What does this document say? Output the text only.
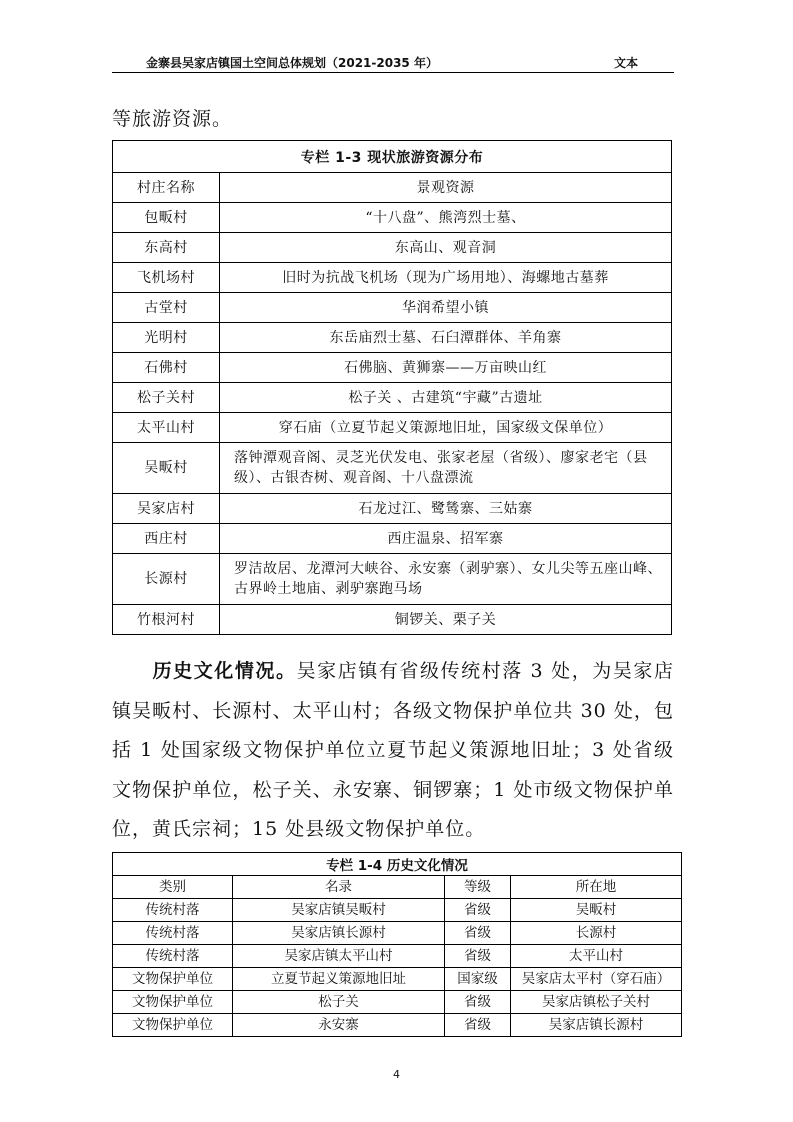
金寨县吴家店镇国土空间总体规划（2021-2035 年）	文本
等旅游资源。
专栏 1-3 现状旅游资源分布	
村庄名称	景观资源
包畈村	“十八盘”、熊湾烈士墓、
东高村	东高山、观音洞
飞机场村	旧时为抗战飞机场（现为广场用地）、海螺地古墓葬
古堂村	华润希望小镇
光明村	东岳庙烈士墓、石臼潭群体、羊角寨
石佛村	石佛脑、黄狮寨——万亩映山红
松子关村	松子关 、古建筑“宇藏”古遗址
太平山村	穿石庙（立夏节起义策源地旧址，国家级文保单位）
吴畈村	落钟潭观音阁、灵芝光伏发电、张家老屋（省级）、廖家老宅（县级）、古银杏树、观音阁、十八盘漂流
吴家店村	石龙过江、鹭鸶寨、三姑寨
西庄村	西庄温泉、招军寨
长源村	罗洁故居、龙潭河大峡谷、永安寨（剥驴寨）、女儿尖等五座山峰、古界岭土地庙、剥驴寨跑马场
竹根河村	铜锣关、栗子关
历史文化情况。吴家店镇有省级传统村落 3 处，为吴家店镇吴畈村、长源村、太平山村；各级文物保护单位共 30 处，包括 1 处国家级文物保护单位立夏节起义策源地旧址；3 处省级文物保护单位，松子关、永安寨、铜锣寨；1 处市级文物保护单位，黄氏宗祠；15 处县级文物保护单位。
专栏 1-4 历史文化情况			
类别	名录	等级	所在地
传统村落	吴家店镇吴畈村	省级	吴畈村
传统村落	吴家店镇长源村	省级	长源村
传统村落	吴家店镇太平山村	省级	太平山村
文物保护单位	立夏节起义策源地旧址	国家级	吴家店太平村（穿石庙）
文物保护单位	松子关	省级	吴家店镇松子关村
文物保护单位	永安寨	省级	吴家店镇长源村
4
